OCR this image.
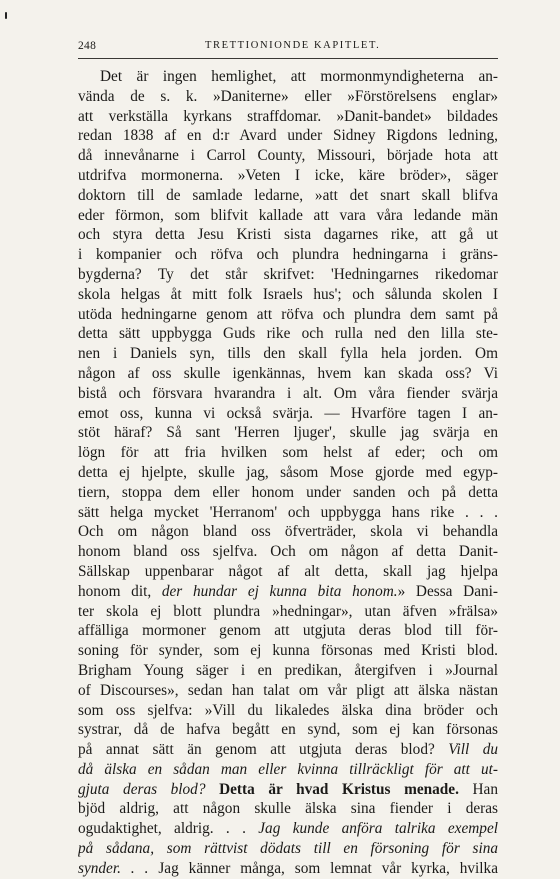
248	TRETTIONIONDE KAPITLET.
Det är ingen hemlighet, att mormonmyndigheterna an-
vända de s. k. »Daniterne» eller »Förstörelsens englar»
att verkställa kyrkans straffdomar. »Danit-bandet» bildades
redan 1838 af en d:r Avard under Sidney Rigdons ledning,
då innevånarne i Carrol County, Missouri, började hota att
utdrifva mormonerna. »Veten I icke, käre bröder», säger
doktorn till de samlade ledarne, »att det snart skall blifva
eder förmon, som blifvit kallade att vara våra ledande män
och styra detta Jesu Kristi sista dagarnes rike, att gå ut
i kompanier och röfva och plundra hedningarna i gräns-
bygderna? Ty det står skrifvet: 'Hedningarnes rikedomar
skola helgas åt mitt folk Israels hus'; och sålunda skolen I
utöda hedningarne genom att röfva och plundra dem samt på
detta sätt uppbygga Guds rike och rulla ned den lilla ste-
nen i Daniels syn, tills den skall fylla hela jorden. Om
någon af oss skulle igenkännas, hvem kan skada oss? Vi
bistå och försvara hvarandra i alt. Om våra fiender svärja
emot oss, kunna vi också svärja. — Hvarföre tagen I an-
stöt häraf? Så sant 'Herren ljuger', skulle jag svärja en
lögn för att fria hvilken som helst af eder; och om
detta ej hjelpte, skulle jag, såsom Mose gjorde med egyp-
tiern, stoppa dem eller honom under sanden och på detta
sätt helga mycket 'Herranom' och uppbygga hans rike . . .
Och om någon bland oss öfverträder, skola vi behandla
honom bland oss sjelfva. Och om någon af detta Danit-
Sällskap uppenbarar något af alt detta, skall jag hjelpa
honom dit, der hundar ej kunna bita honom.» Dessa Dani-
ter skola ej blott plundra »hedningar», utan äfven »frälsa»
affälliga mormoner genom att utgjuta deras blod till för-
soning för synder, som ej kunna försonas med Kristi blod.
Brigham Young säger i en predikan, återgifven i »Journal
of Discourses», sedan han talat om vår pligt att älska nästan
som oss sjelfva: »Vill du likaledes älska dina bröder och
systrar, då de hafva begått en synd, som ej kan försonas
på annat sätt än genom att utgjuta deras blod? Vill du
då älska en sådan man eller kvinna tillräckligt för att ut-
gjuta deras blod? Detta är hvad Kristus menade. Han
bjöd aldrig, att någon skulle älska sina fiender i deras
ogudaktighet, aldrig. . . Jag kunde anföra talrika exempel
på sådana, som rättvist dödats till en försoning för sina
synder. . . Jag känner många, som lemnat vår kyrka, hvilka
